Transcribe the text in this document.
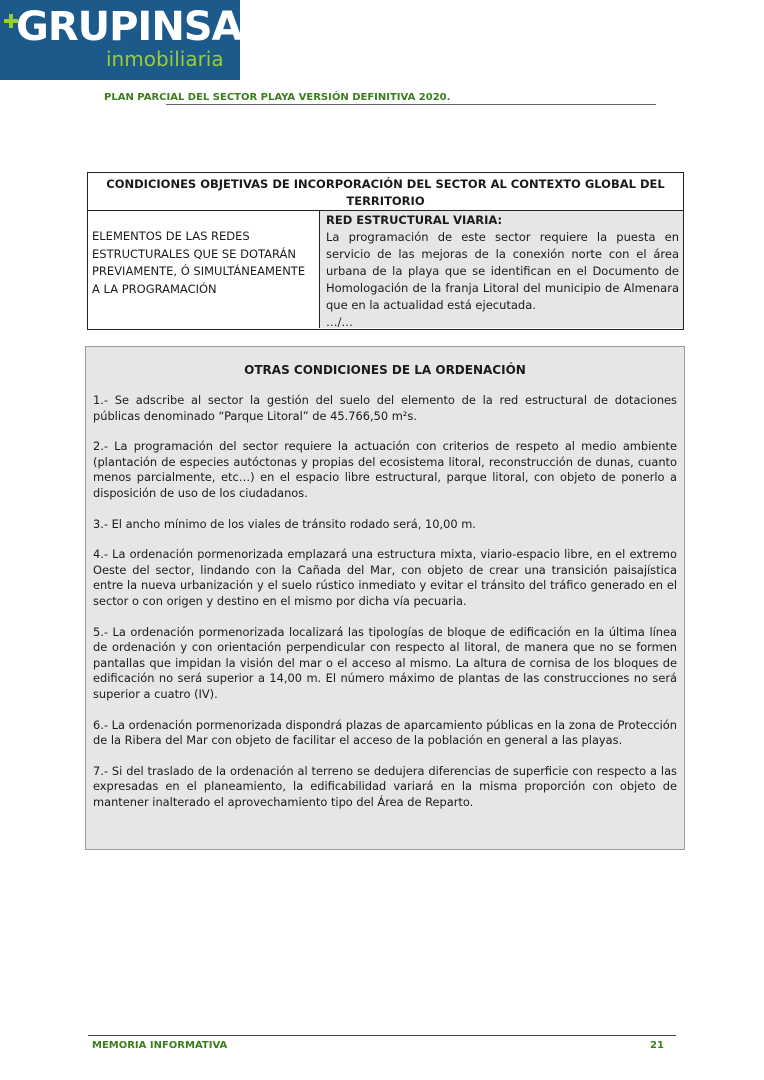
GRUPINSA
inmobiliaria
PLAN PARCIAL DEL SECTOR PLAYA VERSIÓN DEFINITIVA 2020.
CONDICIONES OBJETIVAS DE INCORPORACIÓN DEL SECTOR AL CONTEXTO GLOBAL DEL TERRITORIO
ELEMENTOS DE LAS REDES ESTRUCTURALES QUE SE DOTARÁN PREVIAMENTE, Ó SIMULTÁNEAMENTE A LA PROGRAMACIÓN
RED ESTRUCTURAL VIARIA:
La programación de este sector requiere la puesta en servicio de las mejoras de la conexión norte con el área urbana de la playa que se identifican en el Documento de Homologación de la franja Litoral del municipio de Almenara que en la actualidad está ejecutada.
…/…
OTRAS CONDICIONES DE LA ORDENACIÓN

1.- Se adscribe al sector la gestión del suelo del elemento de la red estructural de dotaciones públicas denominado “Parque Litoral” de 45.766,50 m²s.

2.- La programación del sector requiere la actuación con criterios de respeto al medio ambiente (plantación de especies autóctonas y propias del ecosistema litoral, reconstrucción de dunas, cuanto menos parcialmente, etc…) en el espacio libre estructural, parque litoral, con objeto de ponerlo a disposición de uso de los ciudadanos.

3.- El ancho mínimo de los viales de tránsito rodado será, 10,00 m.

4.- La ordenación pormenorizada emplazará una estructura mixta, viario-espacio libre, en el extremo Oeste del sector, lindando con la Cañada del Mar, con objeto de crear una transición paisajística entre la nueva urbanización y el suelo rústico inmediato y evitar el tránsito del tráfico generado en el sector o con origen y destino en el mismo por dicha vía pecuaria.

5.- La ordenación pormenorizada localizará las tipologías de bloque de edificación en la última línea de ordenación y con orientación perpendicular con respecto al litoral, de manera que no se formen pantallas que impidan la visión del mar o el acceso al mismo. La altura de cornisa de los bloques de edificación no será superior a 14,00 m. El número máximo de plantas de las construcciones no será superior a cuatro (IV).

6.- La ordenación pormenorizada dispondrá plazas de aparcamiento públicas en la zona de Protección de la Ribera del Mar con objeto de facilitar el acceso de la población en general a las playas.

7.- Si del traslado de la ordenación al terreno se dedujera diferencias de superficie con respecto a las expresadas en el planeamiento, la edificabilidad variará en la misma proporción con objeto de mantener inalterado el aprovechamiento tipo del Área de Reparto.

MEMORIA INFORMATIVA	21
